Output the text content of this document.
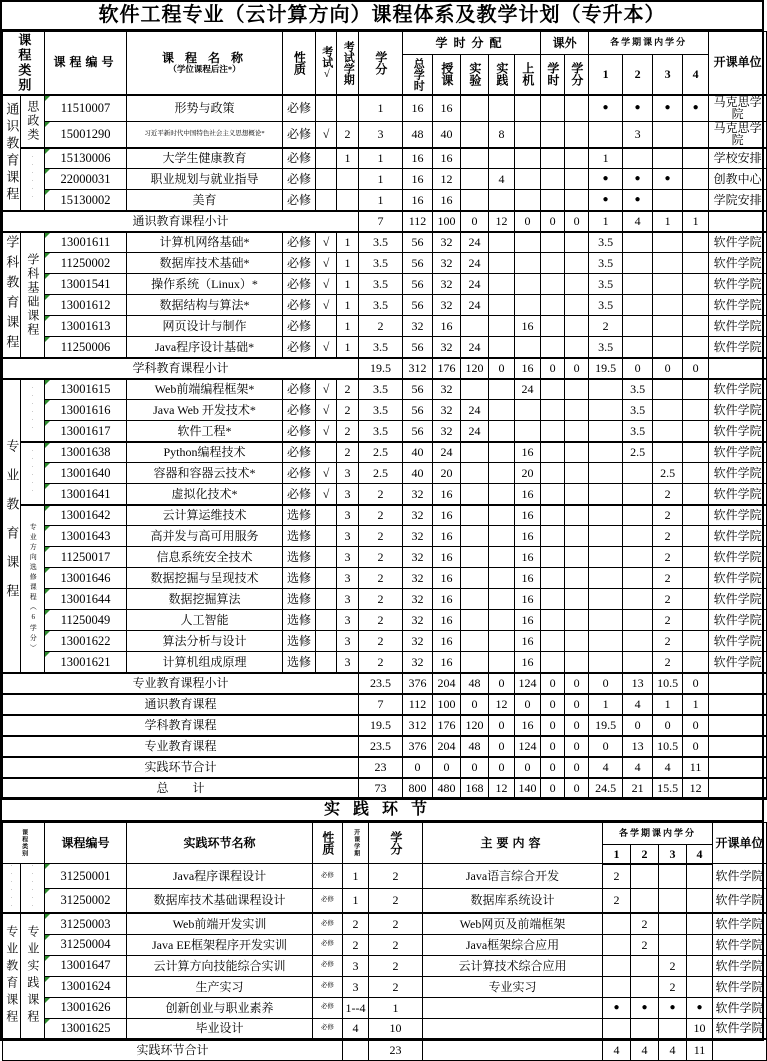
软件工程专业（云计算方向）课程体系及教学计划（专升本）
课程类别		课程编号	课 程 名 称
（学位课程后注*）	性质	考试√	考试学期	学分	学时分配					课外		各学期课内学分				开课单位
								总学时	授课	实验	实践	上机	学时	学分	1	2	3	4	
通识教育课程	思政类	11510007	形势与政策	必修			1	16	16						●	●	●	●	马克思学院
		15001290	习近平新时代中国特色社会主义思想概论*	必修	√	2	3	48	40		8					3			马克思学院
	······	15130006	大学生健康教育	必修		1	1	16	16						1				学校安排
		22000031	职业规划与就业指导	必修			1	16	12		4				●	●	●		创教中心
		15130002	美育	必修			1	16	16						●	●			学院安排
通识教育课程小计							7	112	100	0	12	0	0	0	1	4	1	1	
学科教育课程	学科基础课程	13001611	计算机网络基础*	必修	√	1	3.5	56	32	24					3.5				软件学院
		11250002	数据库技术基础*	必修	√	1	3.5	56	32	24					3.5				软件学院
		13001541	操作系统（Linux）*	必修	√	1	3.5	56	32	24					3.5				软件学院
		13001612	数据结构与算法*	必修	√	1	3.5	56	32	24					3.5				软件学院
		13001613	网页设计与制作	必修		1	2	32	16			16			2				软件学院
		11250006	Java程序设计基础*	必修	√	1	3.5	56	32	24					3.5				软件学院
学科教育课程小计							19.5	312	176	120	0	16	0	0	19.5	0	0	0	
专业教育课程	······	13001615	Web前端编程框架*	必修	√	2	3.5	56	32			24				3.5			软件学院
		13001616	Java Web 开发技术*	必修	√	2	3.5	56	32	24						3.5			软件学院
		13001617	软件工程*	必修	√	2	3.5	56	32	24						3.5			软件学院
	······	13001638	Python编程技术	必修		2	2.5	40	24			16				2.5			软件学院
		13001640	容器和容器云技术*	必修	√	3	2.5	40	20			20					2.5		软件学院
		13001641	虚拟化技术*	必修	√	3	2	32	16			16					2		软件学院
	专业方向选修课程（6学分）	13001642	云计算运维技术	选修		3	2	32	16			16					2		软件学院
		13001643	高并发与高可用服务	选修		3	2	32	16			16					2		软件学院
		11250017	信息系统安全技术	选修		3	2	32	16			16					2		软件学院
		13001646	数据挖掘与呈现技术	选修		3	2	32	16			16					2		软件学院
		13001644	数据挖掘算法	选修		3	2	32	16			16					2		软件学院
		11250049	人工智能	选修		3	2	32	16			16					2		软件学院
		13001622	算法分析与设计	选修		3	2	32	16			16					2		软件学院
		13001621	计算机组成原理	选修		3	2	32	16			16					2		软件学院
专业教育课程小计							23.5	376	204	48	0	124	0	0	0	13	10.5	0	
通识教育课程							7	112	100	0	12	0	0	0	1	4	1	1	
学科教育课程							19.5	312	176	120	0	16	0	0	19.5	0	0	0	
专业教育课程							23.5	376	204	48	0	124	0	0	0	13	10.5	0	
实践环节合计							23	0	0	0	0	0	0	0	4	4	4	11	
总　　计							73	800	480	168	12	140	0	0	24.5	21	15.5	12	
实践环节
课程类别		课程编号	实践环节名称	性质	开课学期	学分	主要内容	各学期课内学分				开课单位
								1	2	3	4	
······	······	31250001	Java程序课程设计	必修	1	2	Java语言综合开发	2				软件学院
		31250002	数据库技术基础课程设计	必修	1	2	数据库系统设计	2				软件学院
专业教育课程	专业实践课程	31250003	Web前端开发实训	必修	2	2	Web网页及前端框架		2			软件学院
		31250004	Java EE框架程序开发实训	必修	2	2	Java框架综合应用		2			软件学院
		13001647	云计算方向技能综合实训	必修	3	2	云计算技术综合应用			2		软件学院
		13001624	生产实习	必修	3	2	专业实习			2		软件学院
		13001626	创新创业与职业素养	必修	1--4	1		●	●	●	●	软件学院
		13001625	毕业设计	必修	4	10					10	软件学院
实践环节合计						23		4	4	4	11	
